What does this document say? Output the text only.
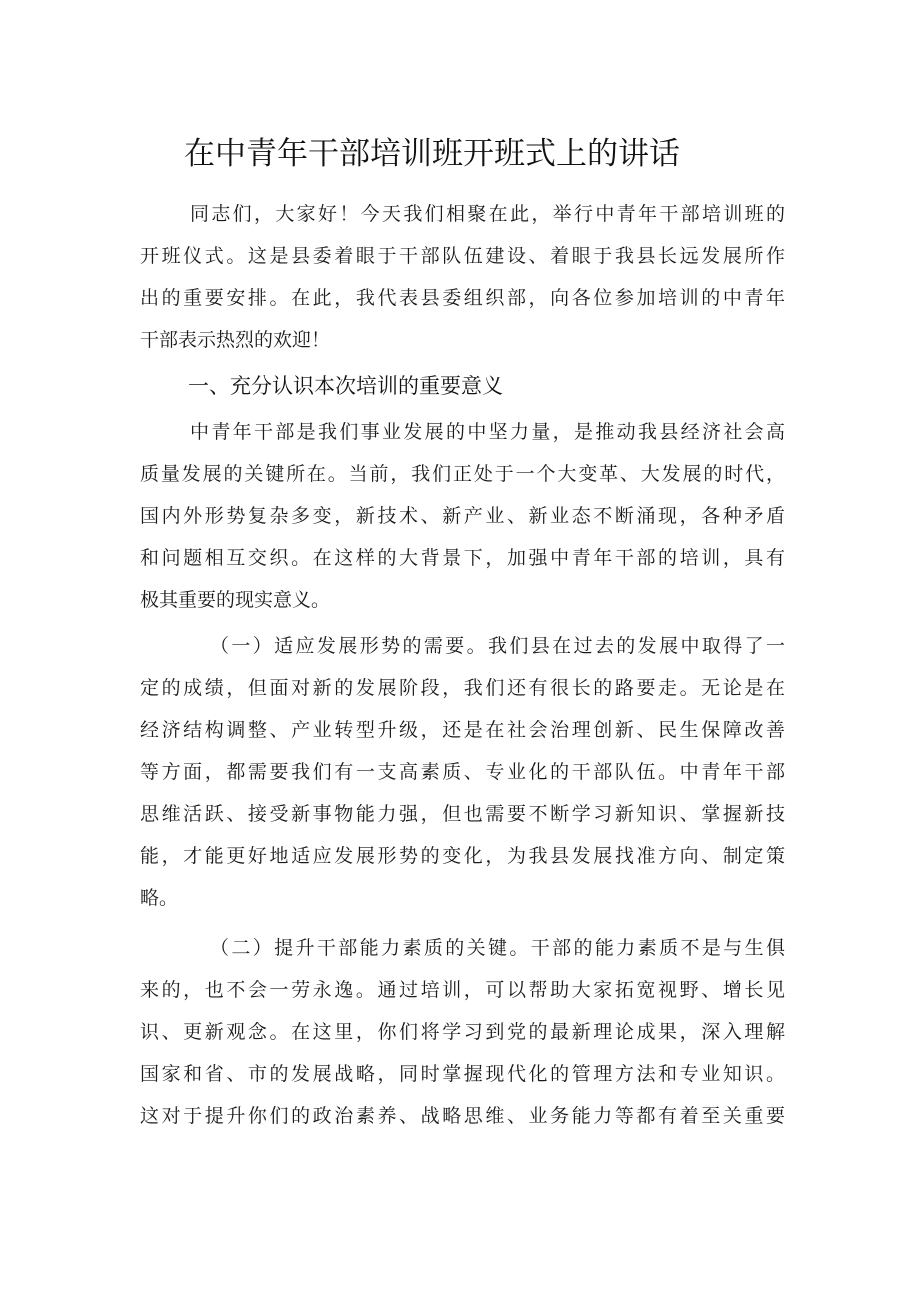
在中青年干部培训班开班式上的讲话
同志们，大家好！今天我们相聚在此，举行中青年干部培训班的
开班仪式。这是县委着眼于干部队伍建设、着眼于我县长远发展所作
出的重要安排。在此，我代表县委组织部，向各位参加培训的中青年
干部表示热烈的欢迎！
一、充分认识本次培训的重要意义
中青年干部是我们事业发展的中坚力量，是推动我县经济社会高
质量发展的关键所在。当前，我们正处于一个大变革、大发展的时代，
国内外形势复杂多变，新技术、新产业、新业态不断涌现，各种矛盾
和问题相互交织。在这样的大背景下，加强中青年干部的培训，具有
极其重要的现实意义。
（一）适应发展形势的需要。我们县在过去的发展中取得了一
定的成绩，但面对新的发展阶段，我们还有很长的路要走。无论是在
经济结构调整、产业转型升级，还是在社会治理创新、民生保障改善
等方面，都需要我们有一支高素质、专业化的干部队伍。中青年干部
思维活跃、接受新事物能力强，但也需要不断学习新知识、掌握新技
能，才能更好地适应发展形势的变化，为我县发展找准方向、制定策
略。
（二）提升干部能力素质的关键。干部的能力素质不是与生俱
来的，也不会一劳永逸。通过培训，可以帮助大家拓宽视野、增长见
识、更新观念。在这里，你们将学习到党的最新理论成果，深入理解
国家和省、市的发展战略，同时掌握现代化的管理方法和专业知识。
这对于提升你们的政治素养、战略思维、业务能力等都有着至关重要
